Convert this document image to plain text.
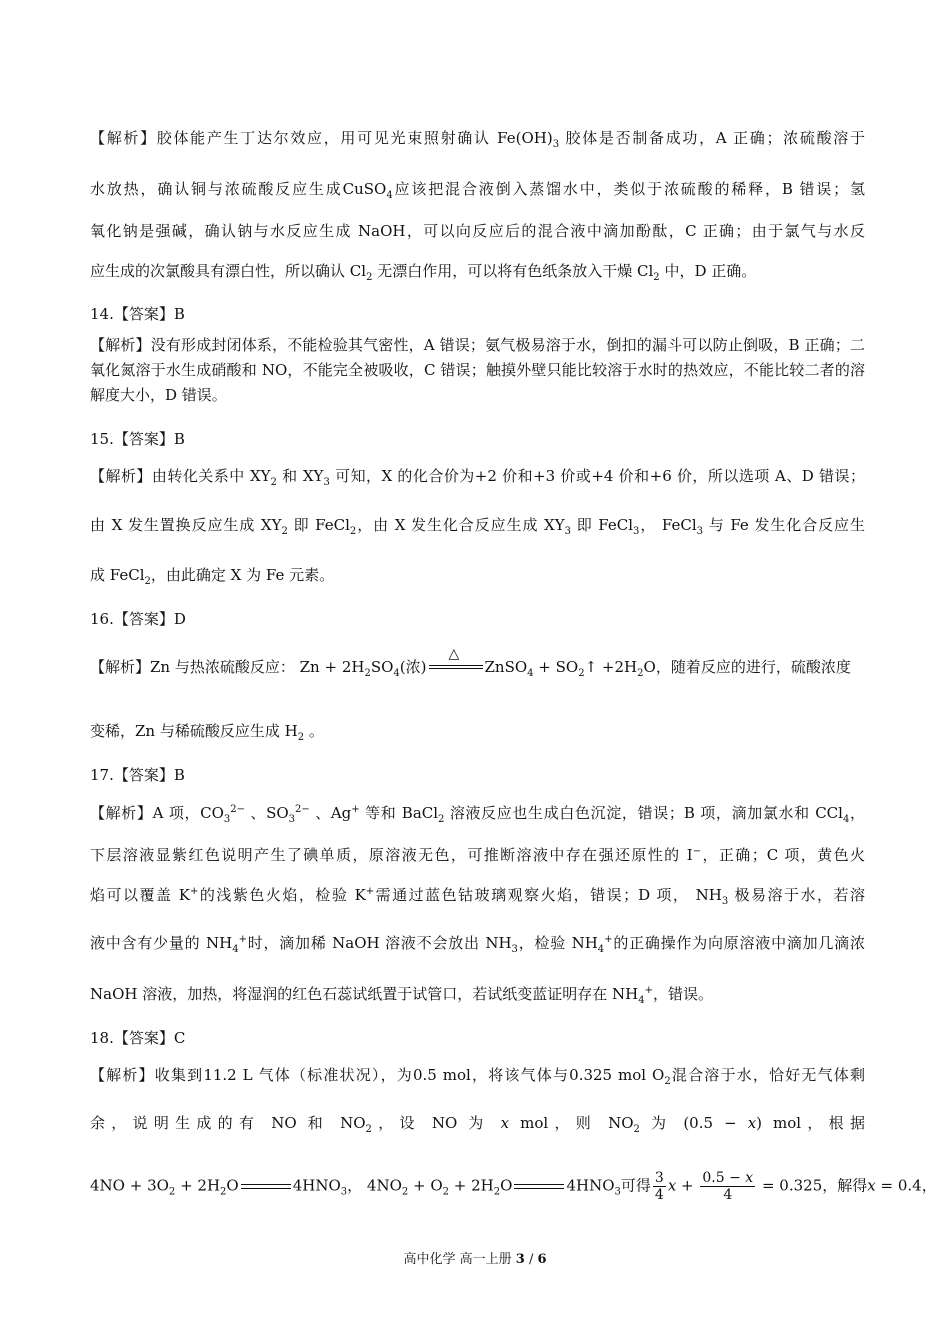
【解析】胶体能产生丁达尔效应，用可见光束照射确认 $Fe(OH)_3$ 胶体是否制备成功，A 正确；浓硫酸溶于
水放热，确认铜与浓硫酸反应生成CuSO$_4$应该把混合液倒入蒸馏水中，类似于浓硫酸的稀释，B 错误；氢
氧化钠是强碱，确认钠与水反应生成 NaOH，可以向反应后的混合液中滴加酚酞，C 正确；由于氯气与水反
应生成的次氯酸具有漂白性，所以确认 $Cl_2$ 无漂白作用，可以将有色纸条放入干燥 $Cl_2$ 中，D 正确。
14.【答案】B
【解析】没有形成封闭体系，不能检验其气密性，A 错误；氨气极易溶于水，倒扣的漏斗可以防止倒吸，B 正确；二氧化氮溶于水生成硝酸和 NO，不能完全被吸收，C 错误；触摸外壁只能比较溶于水时的热效应，不能比较二者的溶解度大小，D 错误。
15.【答案】B
【解析】由转化关系中 $XY_2$ 和 $XY_3$ 可知，X 的化合价为+2 价和+3 价或+4 价和+6 价，所以选项 A、D 错误；
由 X 发生置换反应生成 $XY_2$ 即 FeCl$_2$，由 X 发生化合反应生成 $XY_3$ 即 FeCl$_3$， FeCl$_3$ 与 Fe 发生化合反应生
成 FeCl$_2$，由此确定 X 为 Fe 元素。
16.【答案】D
【解析】Zn 与热浓硫酸反应： $Zn + 2H_2SO_4$(浓)
△
ZnSO$_4$ + $SO_2↑ +2H_2O$，随着反应的进行，硫酸浓度
变稀，Zn 与稀硫酸反应生成 $H_2$ 。
17.【答案】B
【解析】A 项，$CO_3^{2-}$ 、$SO_3^{2-}$ 、Ag+ 等和 BaCl$_2$ 溶液反应也生成白色沉淀，错误；B 项，滴加氯水和 CCl$_4$，
下层溶液显紫红色说明产生了碘单质，原溶液无色，可推断溶液中存在强还原性的 I−，正确；C 项，黄色火
焰可以覆盖 K+的浅紫色火焰，检验 K+需通过蓝色钴玻璃观察火焰，错误；D 项， $NH_3$ 极易溶于水，若溶
液中含有少量的 $NH_4^+$时，滴加稀 NaOH 溶液不会放出 $NH_3$，检验 $NH_4^+$的正确操作为向原溶液中滴加几滴浓
NaOH 溶液，加热，将湿润的红色石蕊试纸置于试管口，若试纸变蓝证明存在 $NH_4^+$，错误。
18.【答案】C
【解析】收集到11.2 L 气体（标准状况），为0.5 mol，将该气体与0.325 mol $O_2$混合溶于水，恰好无气体剩
余，说明生成的有 NO 和 $NO_2$，设 NO 为 x mol，则 $NO_2$ 为 (0.5 − x) mol，根据
$4NO + 3O_2 + 2H_2O$	$4HNO_3$， $4NO_2 + O_2 + 2H_2O$	$4HNO_3$可得 $\frac{3}{4}$ $x + \frac{0.5 - x}{4} = 0.325$，解得x = 0.4，
高中化学 高一上册 3 / 6
